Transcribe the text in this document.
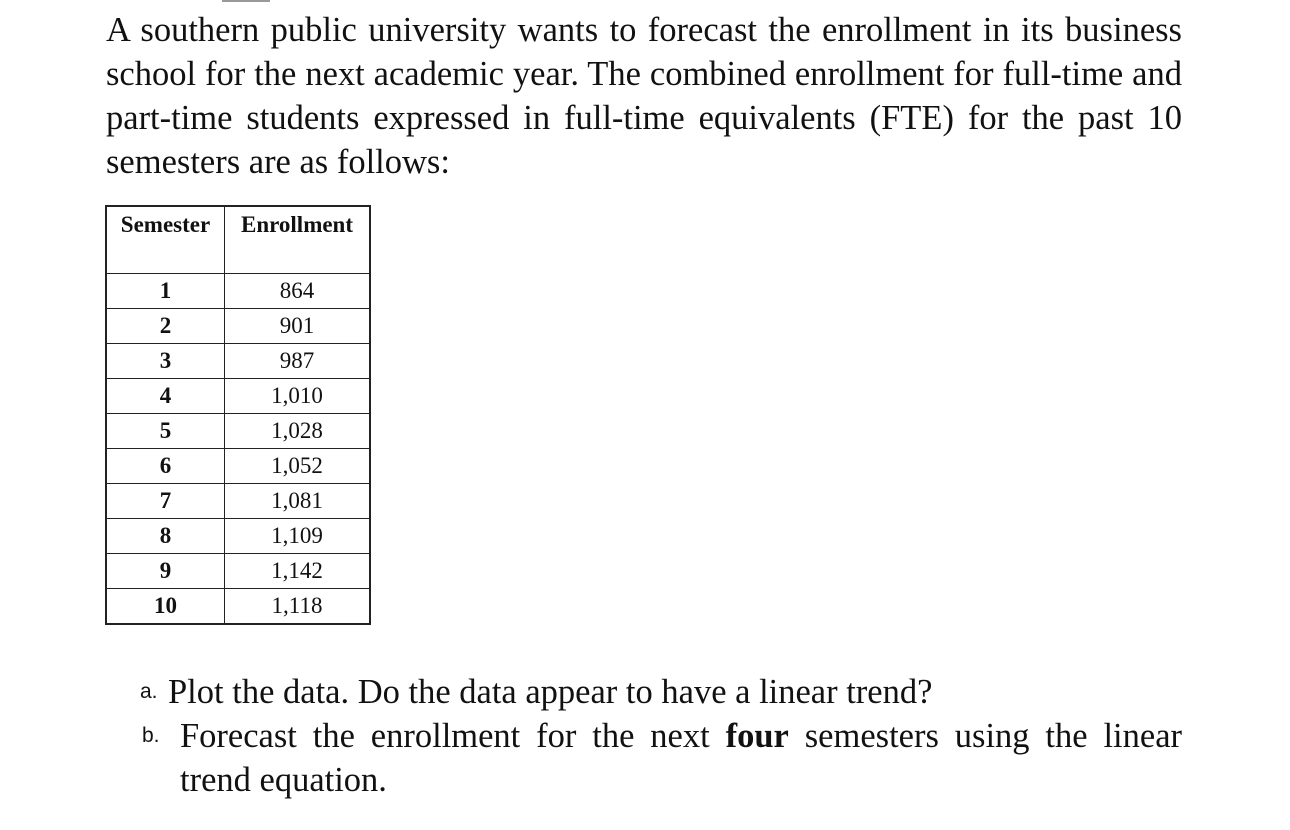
A southern public university wants to forecast the enrollment in its business school for the next academic year. The combined enrollment for full-time and part-time students expressed in full-time equivalents (FTE) for the past 10 semesters are as follows:

Semester	Enrollment
1	864
2	901
3	987
4	1,010
5	1,028
6	1,052
7	1,081
8	1,109
9	1,142
10	1,118
a. Plot the data. Do the data appear to have a linear trend?
b. Forecast the enrollment for the next four semesters using the linear trend equation.
